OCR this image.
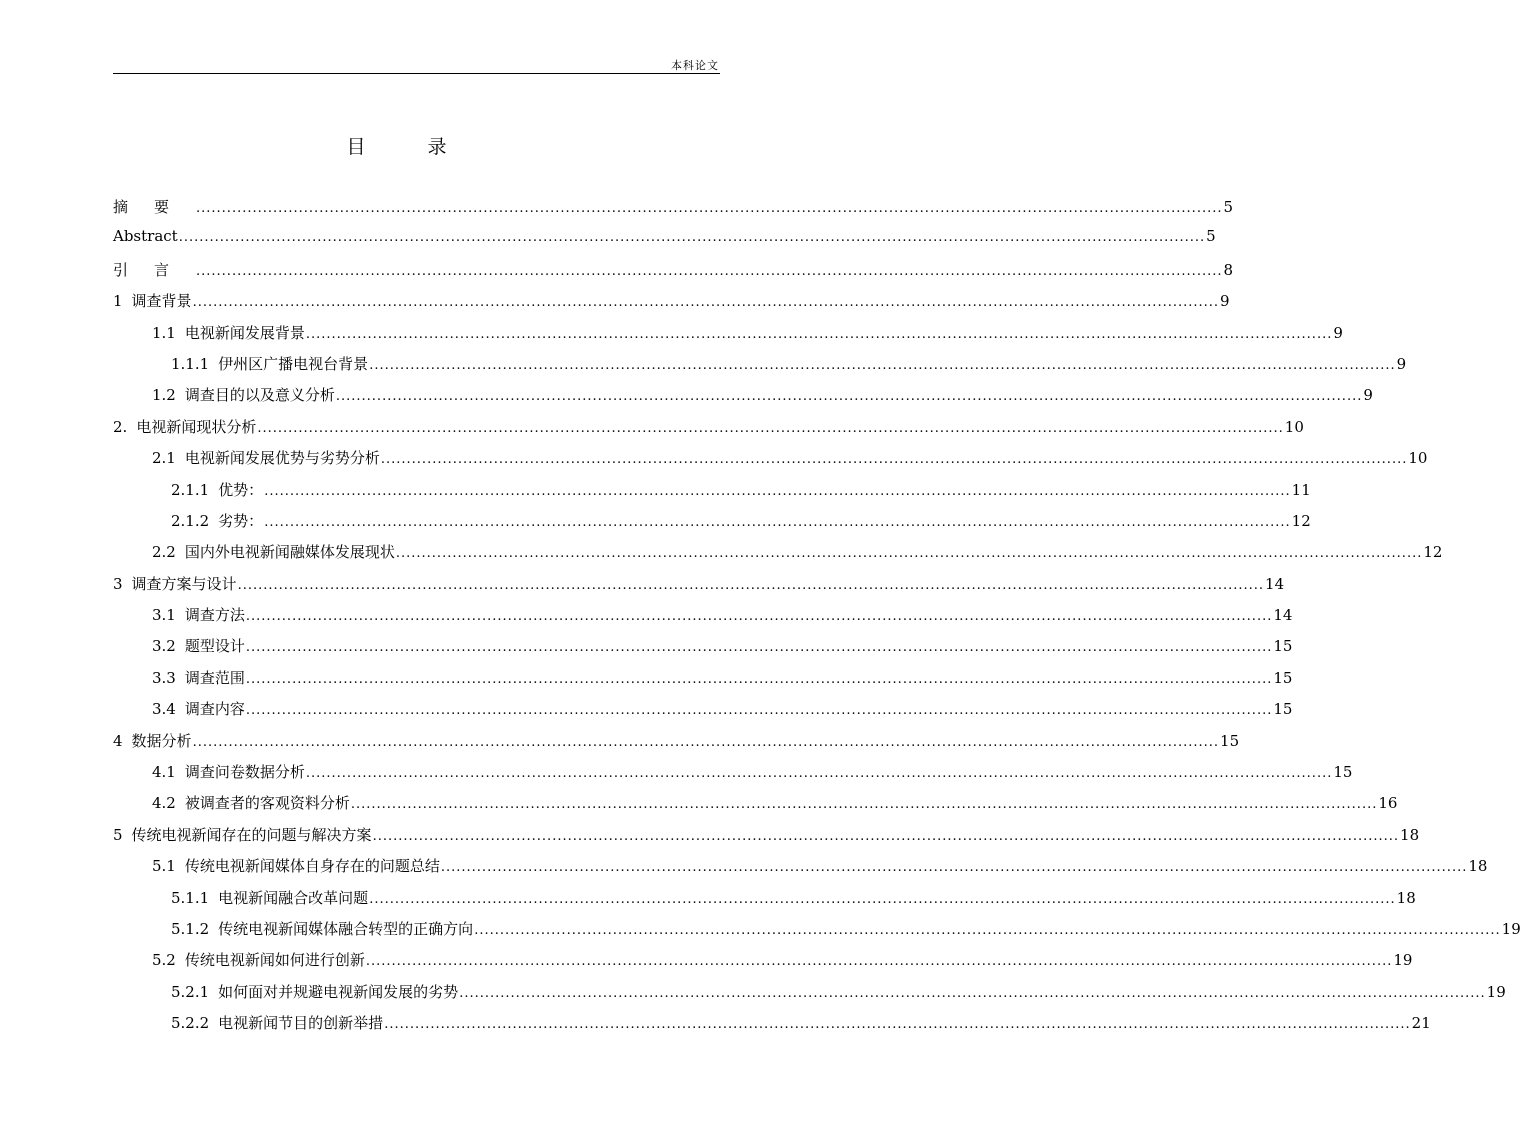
本科论文
目 录
摘要 ........................................................................................................................................................................................................ 5
Abstract ........................................................................................................................................................................................................ 5
引言 ........................................................................................................................................................................................................ 8
1 调查背景 ........................................................................................................................................................................................................ 9
1.1 电视新闻发展背景 ........................................................................................................................................................................................................ 9
1.1.1 伊州区广播电视台背景 ........................................................................................................................................................................................................ 9
1.2 调查目的以及意义分析 ........................................................................................................................................................................................................ 9
2. 电视新闻现状分析 ........................................................................................................................................................................................................ 10
2.1 电视新闻发展优势与劣势分析 ........................................................................................................................................................................................................ 10
2.1.1 优势： ........................................................................................................................................................................................................ 11
2.1.2 劣势： ........................................................................................................................................................................................................ 12
2.2 国内外电视新闻融媒体发展现状 ........................................................................................................................................................................................................ 12
3 调查方案与设计 ........................................................................................................................................................................................................ 14
3.1 调查方法 ........................................................................................................................................................................................................ 14
3.2 题型设计 ........................................................................................................................................................................................................ 15
3.3 调查范围 ........................................................................................................................................................................................................ 15
3.4 调查内容 ........................................................................................................................................................................................................ 15
4 数据分析 ........................................................................................................................................................................................................ 15
4.1 调查问卷数据分析 ........................................................................................................................................................................................................ 15
4.2 被调查者的客观资料分析 ........................................................................................................................................................................................................ 16
5 传统电视新闻存在的问题与解决方案 ........................................................................................................................................................................................................ 18
5.1 传统电视新闻媒体自身存在的问题总结 ........................................................................................................................................................................................................ 18
5.1.1 电视新闻融合改革问题 ........................................................................................................................................................................................................ 18
5.1.2 传统电视新闻媒体融合转型的正确方向 ........................................................................................................................................................................................................ 19
5.2 传统电视新闻如何进行创新 ........................................................................................................................................................................................................ 19
5.2.1 如何面对并规避电视新闻发展的劣势 ........................................................................................................................................................................................................ 19
5.2.2 电视新闻节目的创新举措 ........................................................................................................................................................................................................ 21
